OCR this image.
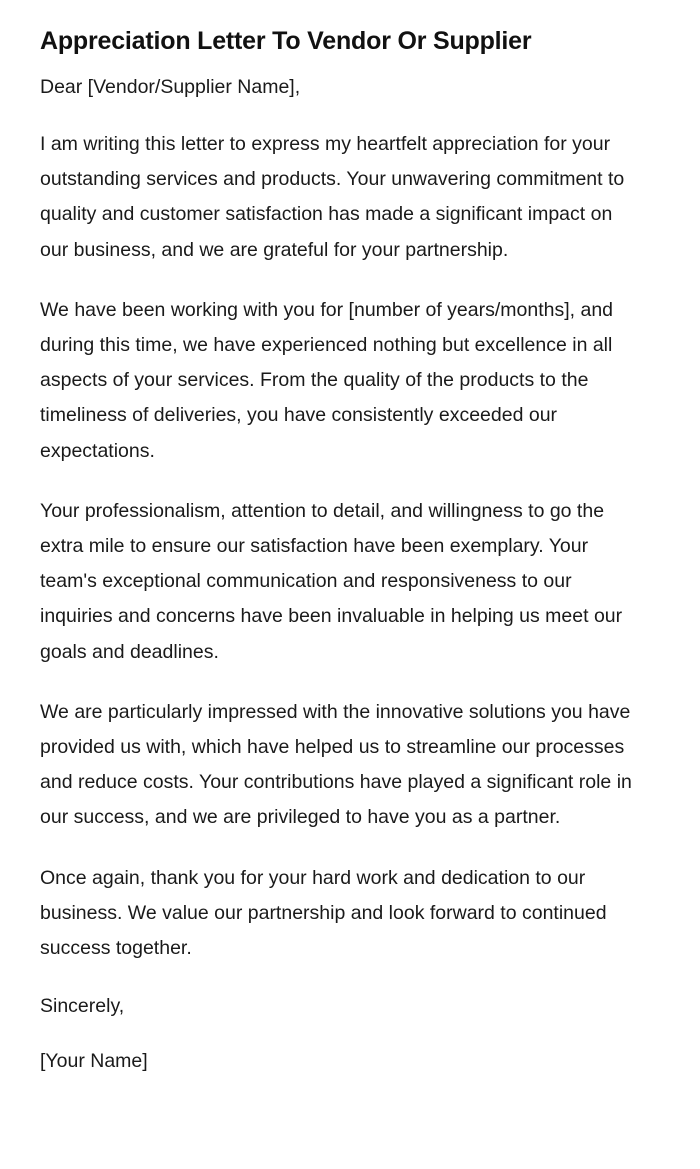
Appreciation Letter To Vendor Or Supplier

Dear [Vendor/Supplier Name],

I am writing this letter to express my heartfelt appreciation for your outstanding services and products. Your unwavering commitment to quality and customer satisfaction has made a significant impact on our business, and we are grateful for your partnership.

We have been working with you for [number of years/months], and during this time, we have experienced nothing but excellence in all aspects of your services. From the quality of the products to the timeliness of deliveries, you have consistently exceeded our expectations.

Your professionalism, attention to detail, and willingness to go the extra mile to ensure our satisfaction have been exemplary. Your team's exceptional communication and responsiveness to our inquiries and concerns have been invaluable in helping us meet our goals and deadlines.

We are particularly impressed with the innovative solutions you have provided us with, which have helped us to streamline our processes and reduce costs. Your contributions have played a significant role in our success, and we are privileged to have you as a partner.

Once again, thank you for your hard work and dedication to our business. We value our partnership and look forward to continued success together.

Sincerely,

[Your Name]
